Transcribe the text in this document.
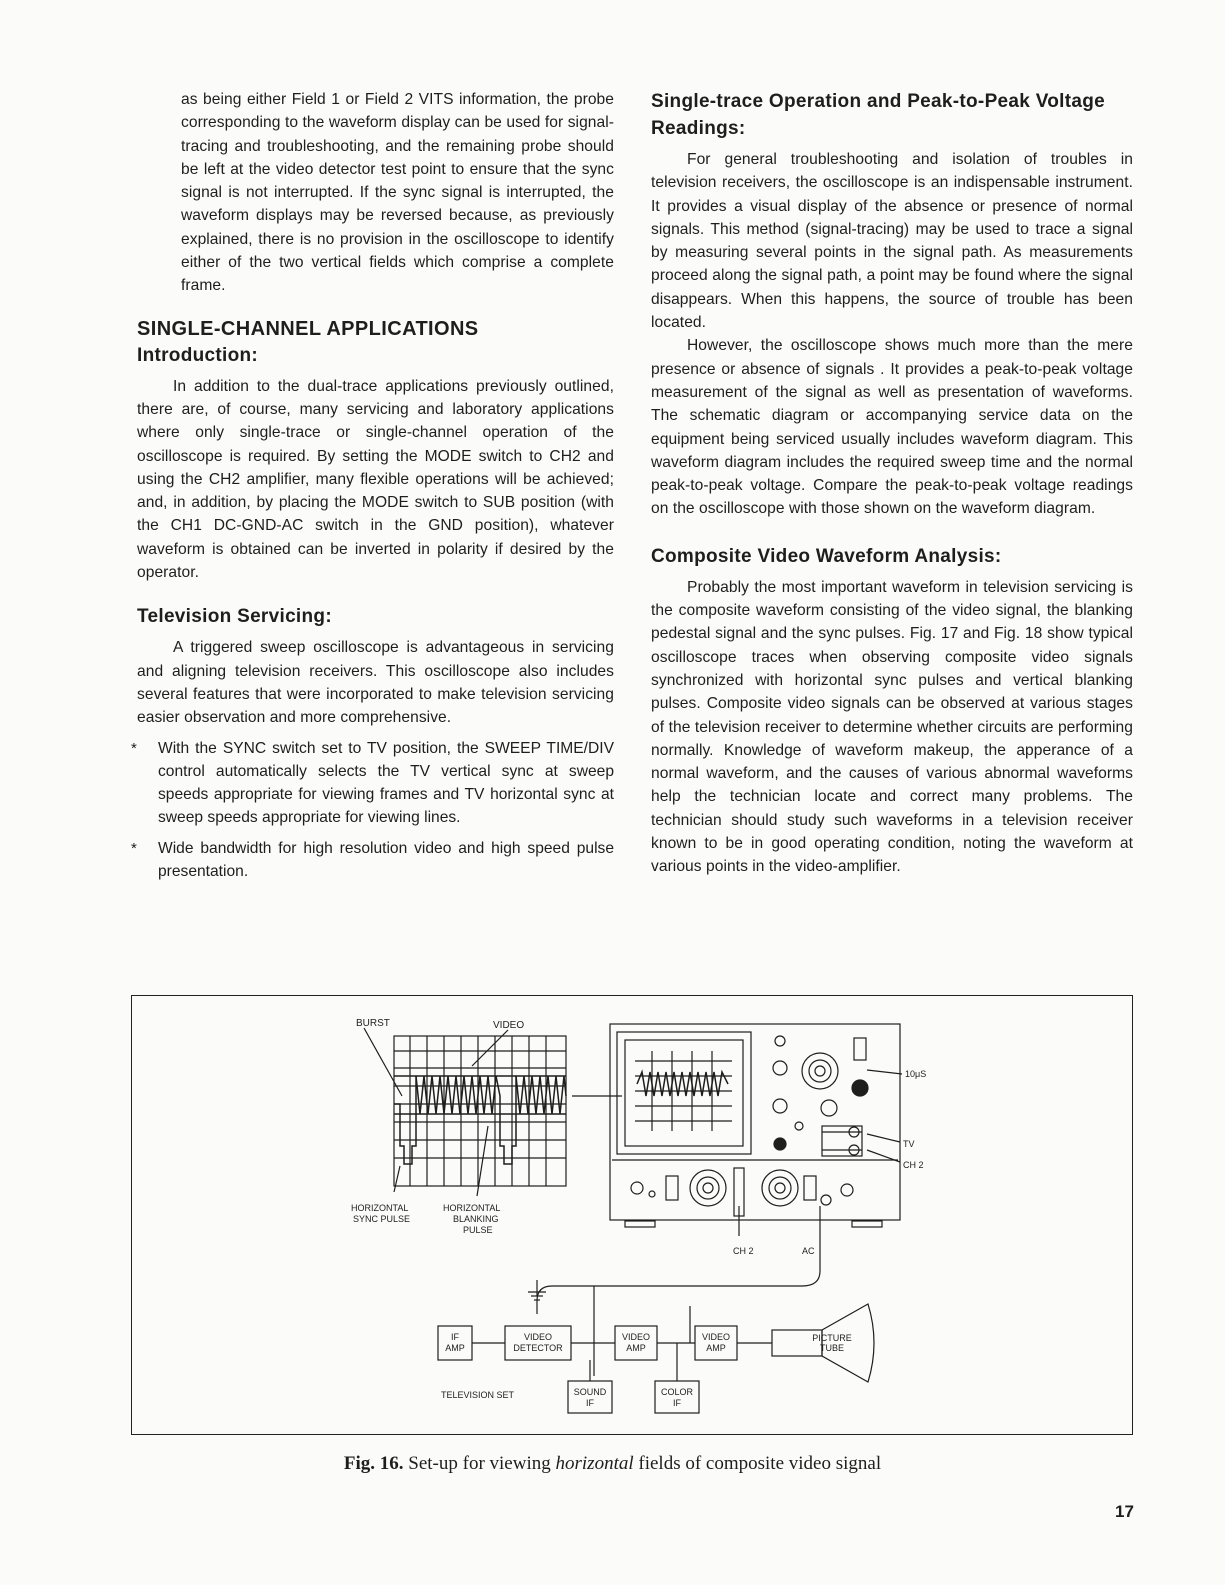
as being either Field 1 or Field 2 VITS information, the probe corresponding to the waveform display can be used for signal-tracing and troubleshooting, and the remaining probe should be left at the video detector test point to ensure that the sync signal is not interrupted. If the sync signal is interrupted, the waveform displays may be reversed because, as previously explained, there is no provision in the oscilloscope to identify either of the two vertical fields which comprise a complete frame.

SINGLE-CHANNEL APPLICATIONS
Introduction:

In addition to the dual-trace applications previously outlined, there are, of course, many servicing and laboratory applications where only single-trace or single-channel operation of the oscilloscope is required. By setting the MODE switch to CH2 and using the CH2 amplifier, many flexible operations will be achieved; and, in addition, by placing the MODE switch to SUB position (with the CH1 DC-GND-AC switch in the GND position), whatever waveform is obtained can be inverted in polarity if desired by the operator.

Television Servicing:

A triggered sweep oscilloscope is advantageous in servicing and aligning television receivers. This oscilloscope also includes several features that were incorporated to make television servicing easier observation and more comprehensive.

* With the SYNC switch set to TV position, the SWEEP TIME/DIV control automatically selects the TV vertical sync at sweep speeds appropriate for viewing frames and TV horizontal sync at sweep speeds appropriate for viewing lines.

* Wide bandwidth for high resolution video and high speed pulse presentation.

Single-trace Operation and Peak-to-Peak Voltage Readings:

For general troubleshooting and isolation of troubles in television receivers, the oscilloscope is an indispensable instrument. It provides a visual display of the absence or presence of normal signals. This method (signal-tracing) may be used to trace a signal by measuring several points in the signal path. As measurements proceed along the signal path, a point may be found where the signal disappears. When this happens, the source of trouble has been located.

However, the oscilloscope shows much more than the mere presence or absence of signals . It provides a peak-to-peak voltage measurement of the signal as well as presentation of waveforms. The schematic diagram or accompanying service data on the equipment being serviced usually includes waveform diagram. This waveform diagram includes the required sweep time and the normal peak-to-peak voltage. Compare the peak-to-peak voltage readings on the oscilloscope with those shown on the waveform diagram.

Composite Video Waveform Analysis:

Probably the most important waveform in television servicing is the composite waveform consisting of the video signal, the blanking pedestal signal and the sync pulses. Fig. 17 and Fig. 18 show typical oscilloscope traces when observing composite video signals synchronized with horizontal sync pulses and vertical blanking pulses. Composite video signals can be observed at various stages of the television receiver to determine whether circuits are performing normally. Knowledge of waveform makeup, the apperance of a normal waveform, and the causes of various abnormal waveforms help the technician locate and correct many problems. The technician should study such waveforms in a television receiver known to be in good operating condition, noting the waveform at various points in the video-amplifier.

BURST	VIDEO
HORIZONTAL
SYNC PULSE
HORIZONTAL
BLANKING
PULSE
10μS
TV
CH 2
CH 2	AC
TELEVISION SET
IF
AMP
VIDEO
DETECTOR
VIDEO
AMP
VIDEO
AMP
PICTURE
TUBE
SOUND
IF
COLOR
IF
Fig. 16. Set-up for viewing horizontal fields of composite video signal
17
